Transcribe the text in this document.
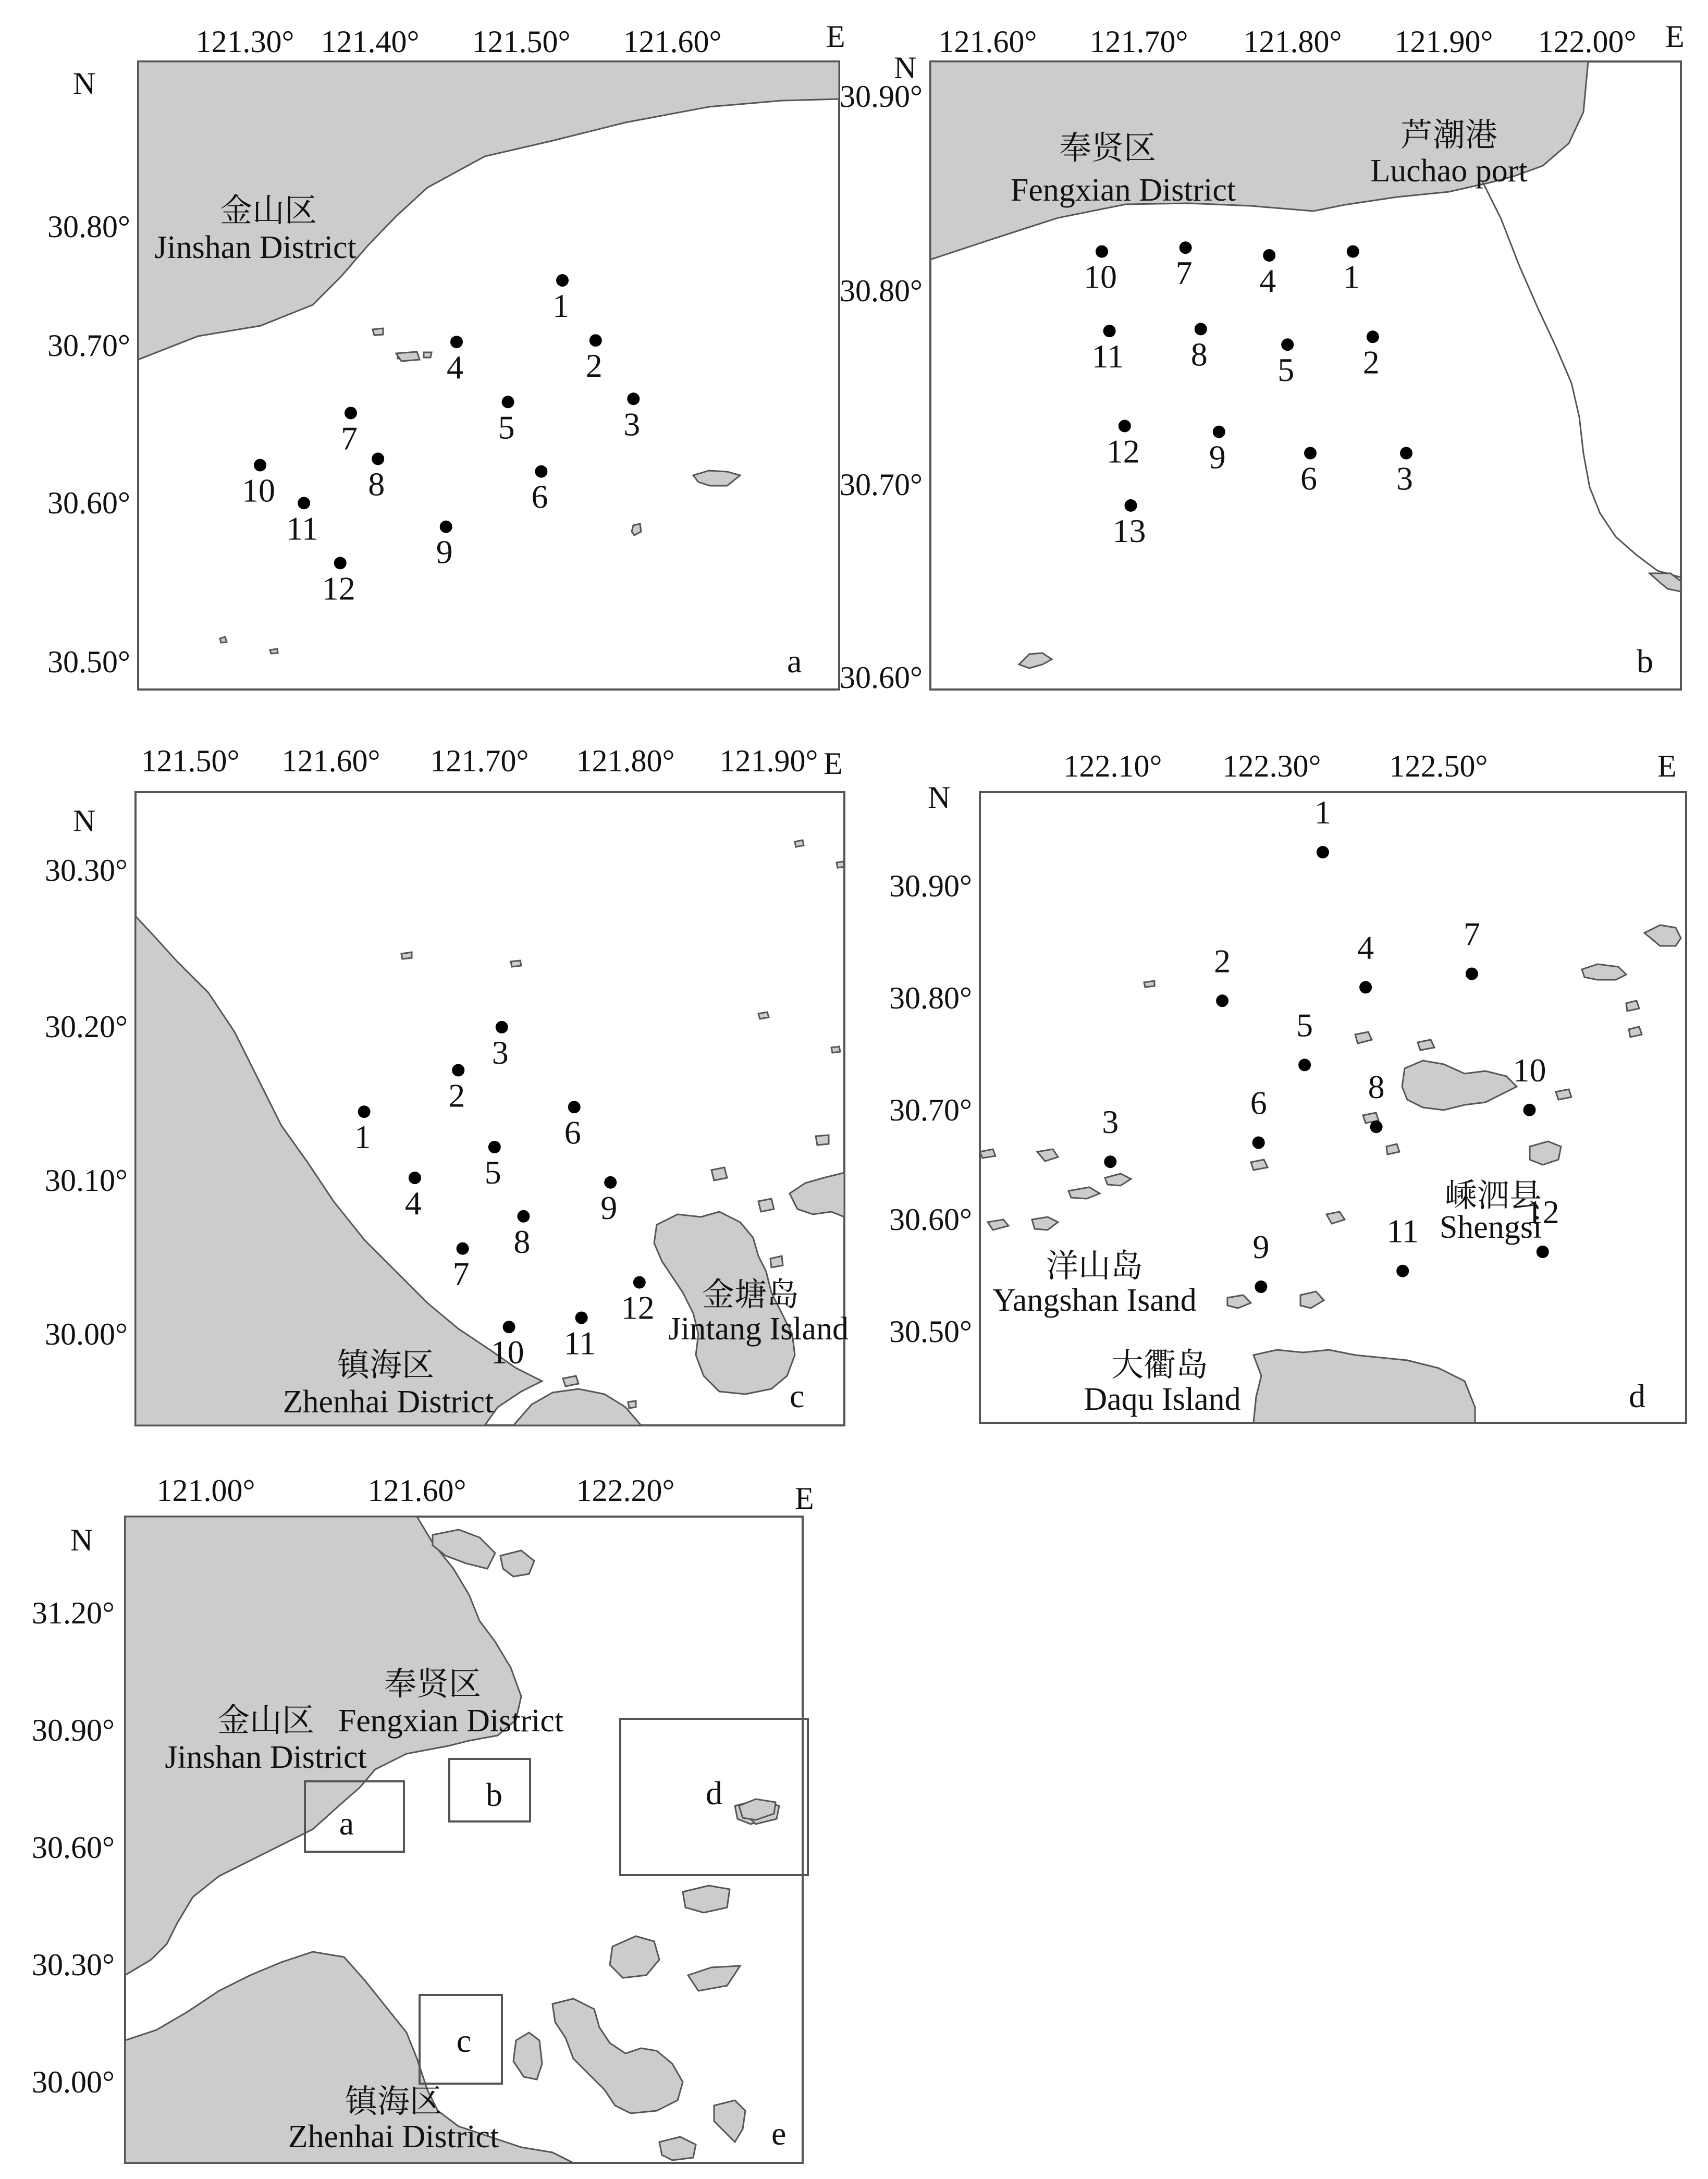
1
2
3
4
5
6
7
8
9
10
11
12
121.30° 121.40° 121.50° 121.60°	E
N
30.80°
30.70°
30.60°
30.50°
金山区
Jinshan District
a
1
2
3
4
5
6
7
8
9
10
11
12
13
121.60° 121.70° 121.80° 121.90° 122.00° E
N
30.90°
30.80°
30.70°
30.60°
奉贤区
Fengxian District
芦潮港
Luchao port
b
1
2
3
4
5
6
7
8
9
10 11
12
121.50° 121.60° 121.70° 121.80° 121.90° E
N
30.30°
30.20°
30.10°
30.00°
镇海区
Zhenhai District
金塘岛
Jintang Island
c
1
2
3
4
5
6
7
8
9
10
11
12
122.10° 122.30° 122.50°	E
N
30.90°
30.80°
30.70°
30.60°
30.50°
洋山岛
Yangshan Isand
大衢岛
Daqu Island
嵊泗县
Shengsi
d
a
b
c
d
121.00°	121.60°	122.20°	E
N
31.20°
30.90°
30.60°
30.30°
30.00°
金山区
Jinshan District
奉贤区
Fengxian District
镇海区
Zhenhai District	e
